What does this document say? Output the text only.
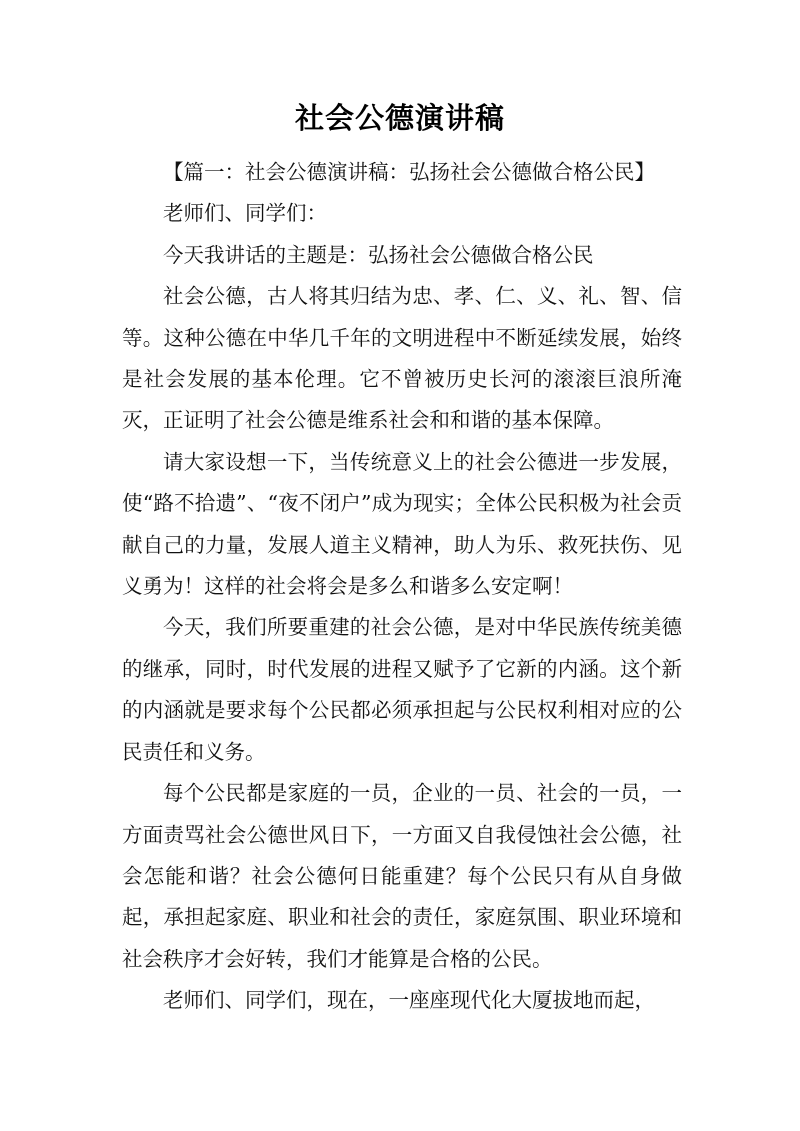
社会公德演讲稿

【篇一：社会公德演讲稿：弘扬社会公德做合格公民】

老师们、同学们：

今天我讲话的主题是：弘扬社会公德做合格公民

社会公德，古人将其归结为忠、孝、仁、义、礼、智、信等。这种公德在中华几千年的文明进程中不断延续发展，始终是社会发展的基本伦理。它不曾被历史长河的滚滚巨浪所淹灭，正证明了社会公德是维系社会和和谐的基本保障。

请大家设想一下，当传统意义上的社会公德进一步发展，使“路不拾遗”、“夜不闭户”成为现实；全体公民积极为社会贡献自己的力量，发展人道主义精神，助人为乐、救死扶伤、见义勇为！这样的社会将会是多么和谐多么安定啊！

今天，我们所要重建的社会公德，是对中华民族传统美德的继承，同时，时代发展的进程又赋予了它新的内涵。这个新的内涵就是要求每个公民都必须承担起与公民权利相对应的公民责任和义务。

每个公民都是家庭的一员，企业的一员、社会的一员，一方面责骂社会公德世风日下，一方面又自我侵蚀社会公德，社会怎能和谐？社会公德何日能重建？每个公民只有从自身做起，承担起家庭、职业和社会的责任，家庭氛围、职业环境和社会秩序才会好转，我们才能算是合格的公民。

老师们、同学们，现在，一座座现代化大厦拔地而起，
